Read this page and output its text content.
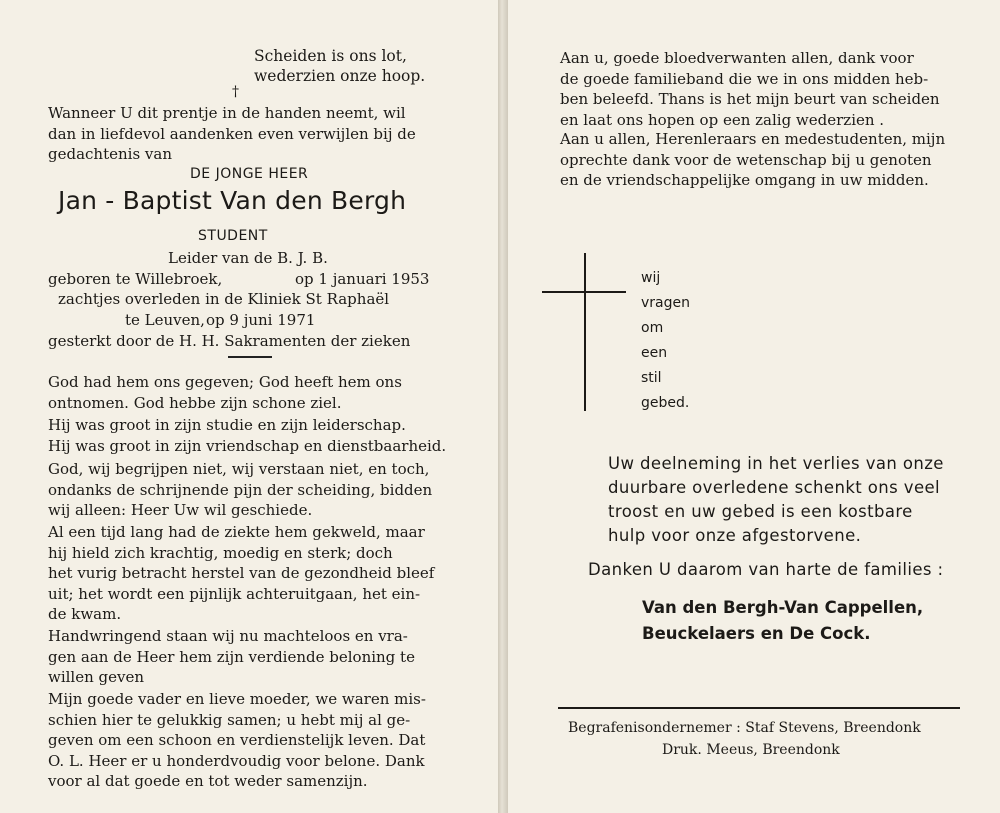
Scheiden is ons lot,
wederzien onze hoop.
†
Wanneer U dit prentje in de handen neemt, wil
dan in liefdevol aandenken even verwijlen bij de
gedachtenis van
DE JONGE HEER
Jan - Baptist Van den Bergh
STUDENT
Leider van de B. J. B.
geboren te Willebroek,	op 1 januari 1953
zachtjes overleden in de Kliniek St Raphaël
te Leuven, op 9 juni 1971
gesterkt door de H. H. Sakramenten der zieken
God had hem ons gegeven; God heeft hem ons
ontnomen. God hebbe zijn schone ziel.
Hij was groot in zijn studie en zijn leiderschap.
Hij was groot in zijn vriendschap en dienstbaarheid.
God, wij begrijpen niet, wij verstaan niet, en toch,
ondanks de schrijnende pijn der scheiding, bidden
wij alleen: Heer Uw wil geschiede.
Al een tijd lang had de ziekte hem gekweld, maar
hij hield zich krachtig, moedig en sterk; doch
het vurig betracht herstel van de gezondheid bleef
uit; het wordt een pijnlijk achteruitgaan, het ein-
de kwam.
Handwringend staan wij nu machteloos en vra-
gen aan de Heer hem zijn verdiende beloning te
willen geven
Mijn goede vader en lieve moeder, we waren mis-
schien hier te gelukkig samen; u hebt mij al ge-
geven om een schoon en verdienstelijk leven. Dat
O. L. Heer er u honderdvoudig voor belone. Dank
voor al dat goede en tot weder samenzijn.
Aan u, goede bloedverwanten allen, dank voor
de goede familieband die we in ons midden heb-
ben beleefd. Thans is het mijn beurt van scheiden
en laat ons hopen op een zalig wederzien .
Aan u allen, Herenleraars en medestudenten, mijn
oprechte dank voor de wetenschap bij u genoten
en de vriendschappelijke omgang in uw midden.
wij
vragen
om
een
stil
gebed.
Uw deelneming in het verlies van onze
duurbare overledene schenkt ons veel
troost en uw gebed is een kostbare
hulp voor onze afgestorvene.
Danken U daarom van harte de families :
Van den Bergh-Van Cappellen,
Beuckelaers en De Cock.
Begrafenisondernemer : Staf Stevens, Breendonk
Druk. Meeus, Breendonk
